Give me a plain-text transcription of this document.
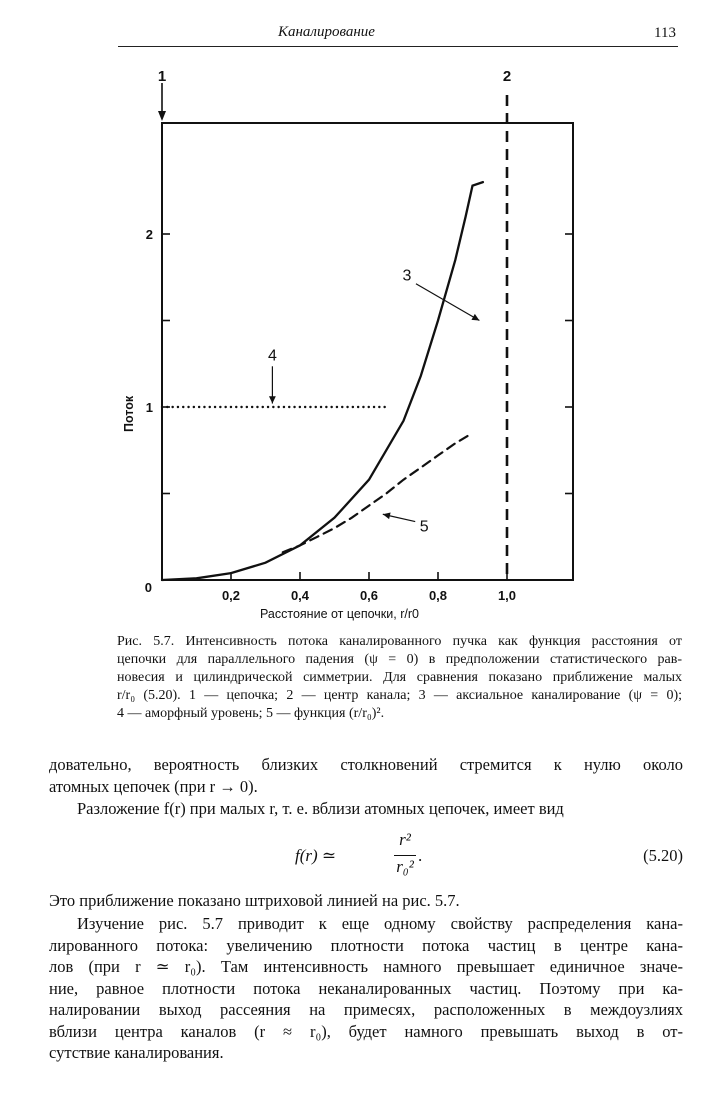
Каналирование	113
0,2	0,4	0,6	0,8	1,0
0
1
2
1	2
3
4
5
Расстояние от цепочки, r/r0
Поток
Рис. 5.7. Интенсивность потока каналированного пучка как функция расстояния от
цепочки для параллельного падения (ψ = 0) в предположении статистического рав-
новесия и цилиндрической симметрии. Для сравнения показано приближение малых
r/r₀ (5.20). 1 — цепочка; 2 — центр канала; 3 — аксиальное каналирование (ψ = 0);
4 — аморфный уровень; 5 — функция (r/r₀)².
довательно, вероятность близких столкновений стремится к нулю около
атомных цепочек (при r → 0).
Разложение f(r) при малых r, т. е. вблизи атомных цепочек, имеет вид
f(r) ≃
r²
r₀²
.	(5.20)
Это приближение показано штриховой линией на рис. 5.7.
Изучение рис. 5.7 приводит к еще одному свойству распределения кана-
лированного потока: увеличению плотности потока частиц в центре кана-
лов (при r ≃ r₀). Там интенсивность намного превышает единичное значе-
ние, равное плотности потока неканалированных частиц. Поэтому при ка-
налировании выход рассеяния на примесях, расположенных в междоузлиях
вблизи центра каналов (r ≈ r₀), будет намного превышать выход в от-
сутствие каналирования.
